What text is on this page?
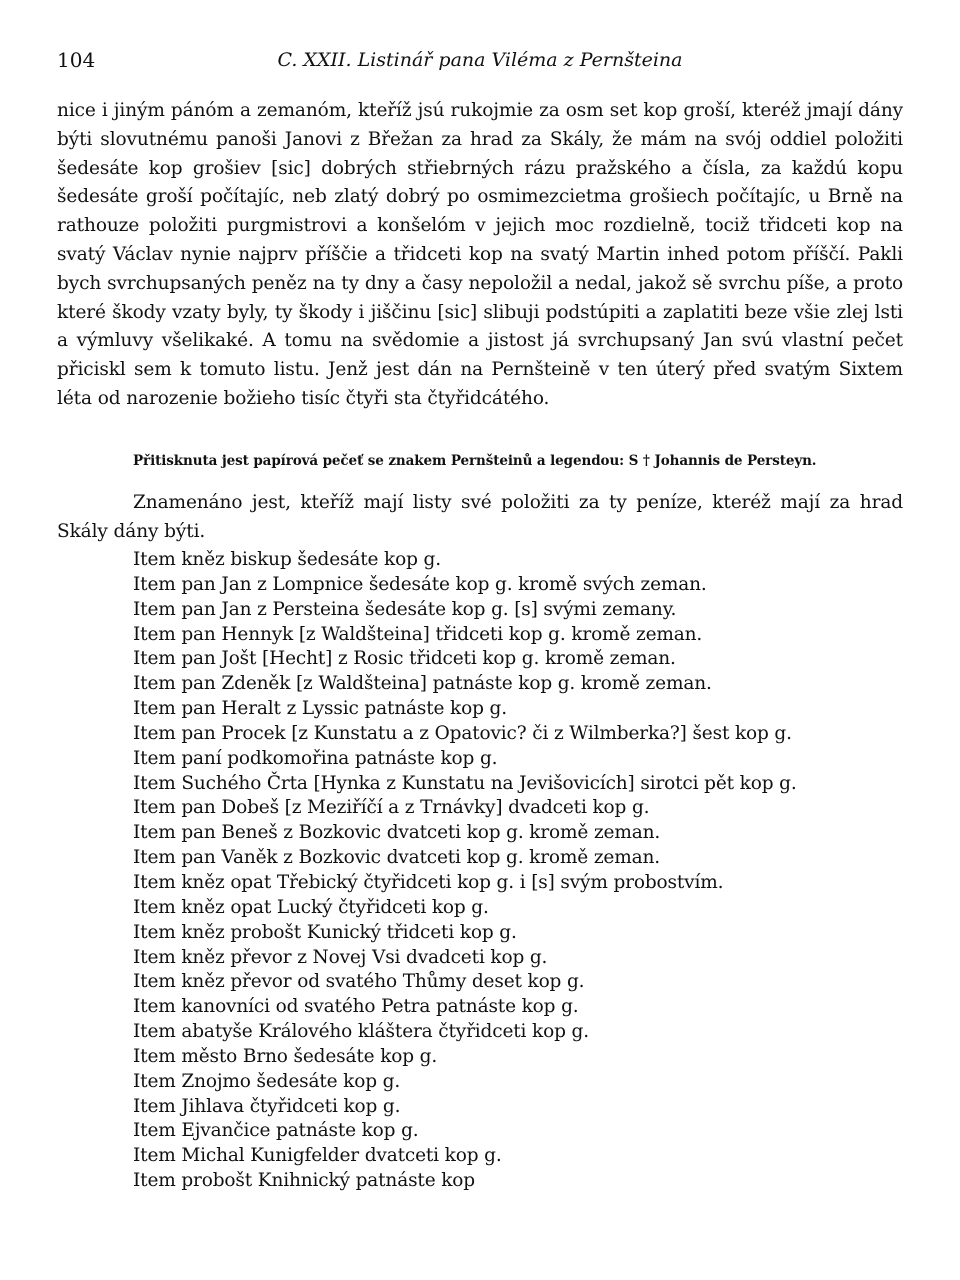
104	C. XXII. Listinář pana Viléma z Pernšteina

nice i jiným pánóm a zemanóm, kteříž jsú rukojmie za osm set kop groší, kteréž jmají dány býti slovutnému panoši Janovi z Břežan za hrad za Skály, že mám na svój oddiel položiti šedesáte kop grošiev [sic] dobrých střiebrných rázu pražského a čísla, za každú kopu šedesáte groší počítajíc, neb zlatý dobrý po osmimezcietma grošiech počítajíc, u Brně na rathouze položiti purgmistrovi a konšelóm v jejich moc rozdielně, tociž třidceti kop na svatý Václav nynie najprv příščie a třidceti kop na svatý Martin inhed potom příščí. Pakli bych svrchupsaných peněz na ty dny a časy nepoložil a nedal, jakož sě svrchu píše, a proto které škody vzaty byly, ty škody i jiščinu [sic] slibuji podstúpiti a zaplatiti beze všie zlej lsti a výmluvy všelikaké. A tomu na svědomie a jistost já svrchupsaný Jan svú vlastní pečet přiciskl sem k tomuto listu. Jenž jest dán na Pernšteině v ten úterý před svatým Sixtem léta od narozenie božieho tisíc čtyři sta čtyřidcátého.

Přitisknuta jest papírová pečeť se znakem Pernšteinů a legendou: S † Johannis de Persteyn.

Znamenáno jest, kteříž mají listy své položiti za ty peníze, kteréž mají za hrad Skály dány býti.

Item kněz biskup šedesáte kop g.
Item pan Jan z Lompnice šedesáte kop g. kromě svých zeman.
Item pan Jan z Persteina šedesáte kop g. [s] svými zemany.
Item pan Hennyk [z Waldšteina] třidceti kop g. kromě zeman.
Item pan Jošt [Hecht] z Rosic třidceti kop g. kromě zeman.
Item pan Zdeněk [z Waldšteina] patnáste kop g. kromě zeman.
Item pan Heralt z Lyssic patnáste kop g.
Item pan Procek [z Kunstatu a z Opatovic? či z Wilmberka?] šest kop g.
Item paní podkomořina patnáste kop g.
Item Suchého Črta [Hynka z Kunstatu na Jevišovicích] sirotci pět kop g.
Item pan Dobeš [z Meziříčí a z Trnávky] dvadceti kop g.
Item pan Beneš z Bozkovic dvatceti kop g. kromě zeman.
Item pan Vaněk z Bozkovic dvatceti kop g. kromě zeman.
Item kněz opat Třebický čtyřidceti kop g. i [s] svým probostvím.
Item kněz opat Lucký čtyřidceti kop g.
Item kněz probošt Kunický třidceti kop g.
Item kněz převor z Novej Vsi dvadceti kop g.
Item kněz převor od svatého Thůmy deset kop g.
Item kanovníci od svatého Petra patnáste kop g.
Item abatyše Králového kláštera čtyřidceti kop g.
Item město Brno šedesáte kop g.
Item Znojmo šedesáte kop g.
Item Jihlava čtyřidceti kop g.
Item Ejvančice patnáste kop g.
Item Michal Kunigfelder dvatceti kop g.
Item probošt Knihnický patnáste kop
